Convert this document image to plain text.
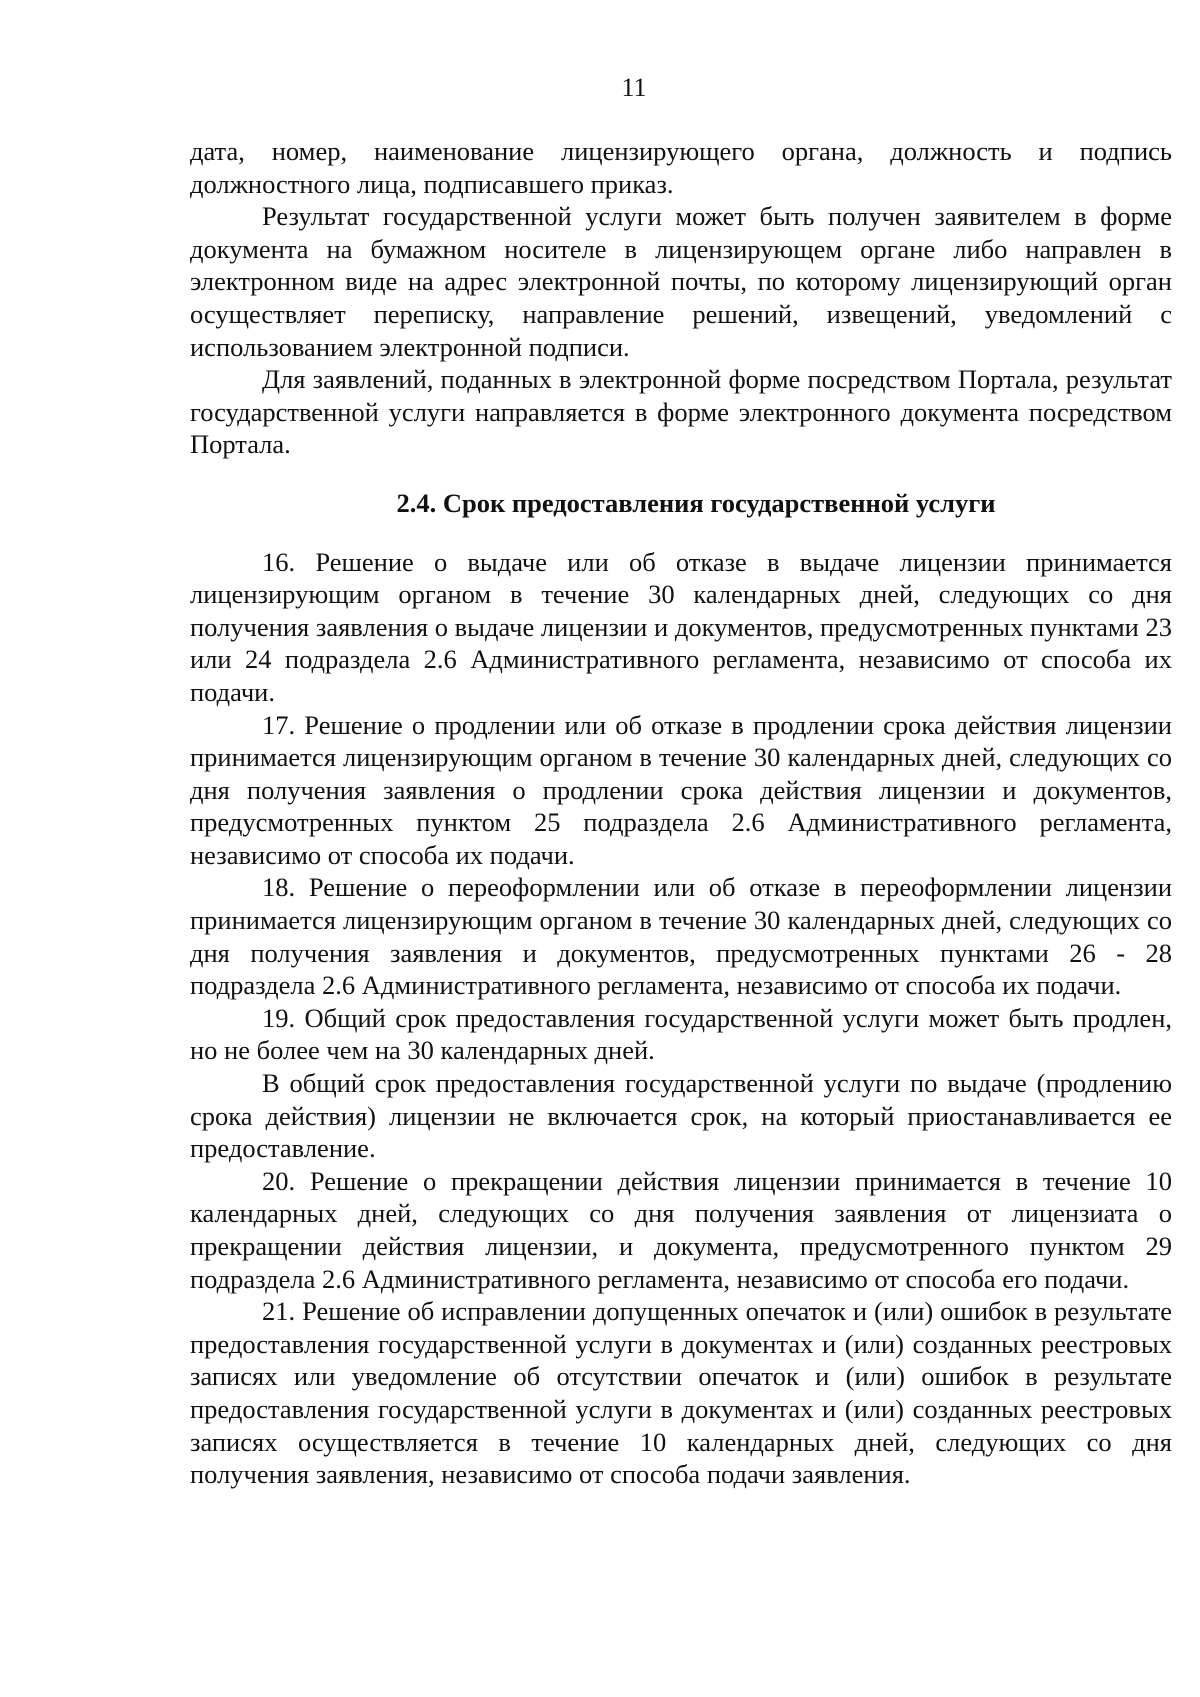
11

дата, номер, наименование лицензирующего органа, должность и подпись должностного лица, подписавшего приказ.

Результат государственной услуги может быть получен заявителем в форме документа на бумажном носителе в лицензирующем органе либо направлен в электронном виде на адрес электронной почты, по которому лицензирующий орган осуществляет переписку, направление решений, извещений, уведомлений с использованием электронной подписи.

Для заявлений, поданных в электронной форме посредством Портала, результат государственной услуги направляется в форме электронного документа посредством Портала.

2.4. Срок предоставления государственной услуги

16. Решение о выдаче или об отказе в выдаче лицензии принимается лицензирующим органом в течение 30 календарных дней, следующих со дня получения заявления о выдаче лицензии и документов, предусмотренных пунктами 23 или 24 подраздела 2.6 Административного регламента, независимо от способа их подачи.

17. Решение о продлении или об отказе в продлении срока действия лицензии принимается лицензирующим органом в течение 30 календарных дней, следующих со дня получения заявления о продлении срока действия лицензии и документов, предусмотренных пунктом 25 подраздела 2.6 Административного регламента, независимо от способа их подачи.

18. Решение о переоформлении или об отказе в переоформлении лицензии принимается лицензирующим органом в течение 30 календарных дней, следующих со дня получения заявления и документов, предусмотренных пунктами 26 - 28 подраздела 2.6 Административного регламента, независимо от способа их подачи.

19. Общий срок предоставления государственной услуги может быть продлен, но не более чем на 30 календарных дней.

В общий срок предоставления государственной услуги по выдаче (продлению срока действия) лицензии не включается срок, на который приостанавливается ее предоставление.

20. Решение о прекращении действия лицензии принимается в течение 10 календарных дней, следующих со дня получения заявления от лицензиата о прекращении действия лицензии, и документа, предусмотренного пунктом 29 подраздела 2.6 Административного регламента, независимо от способа его подачи.

21. Решение об исправлении допущенных опечаток и (или) ошибок в результате предоставления государственной услуги в документах и (или) созданных реестровых записях или уведомление об отсутствии опечаток и (или) ошибок в результате предоставления государственной услуги в документах и (или) созданных реестровых записях осуществляется в течение 10 календарных дней, следующих со дня получения заявления, независимо от способа подачи заявления.
